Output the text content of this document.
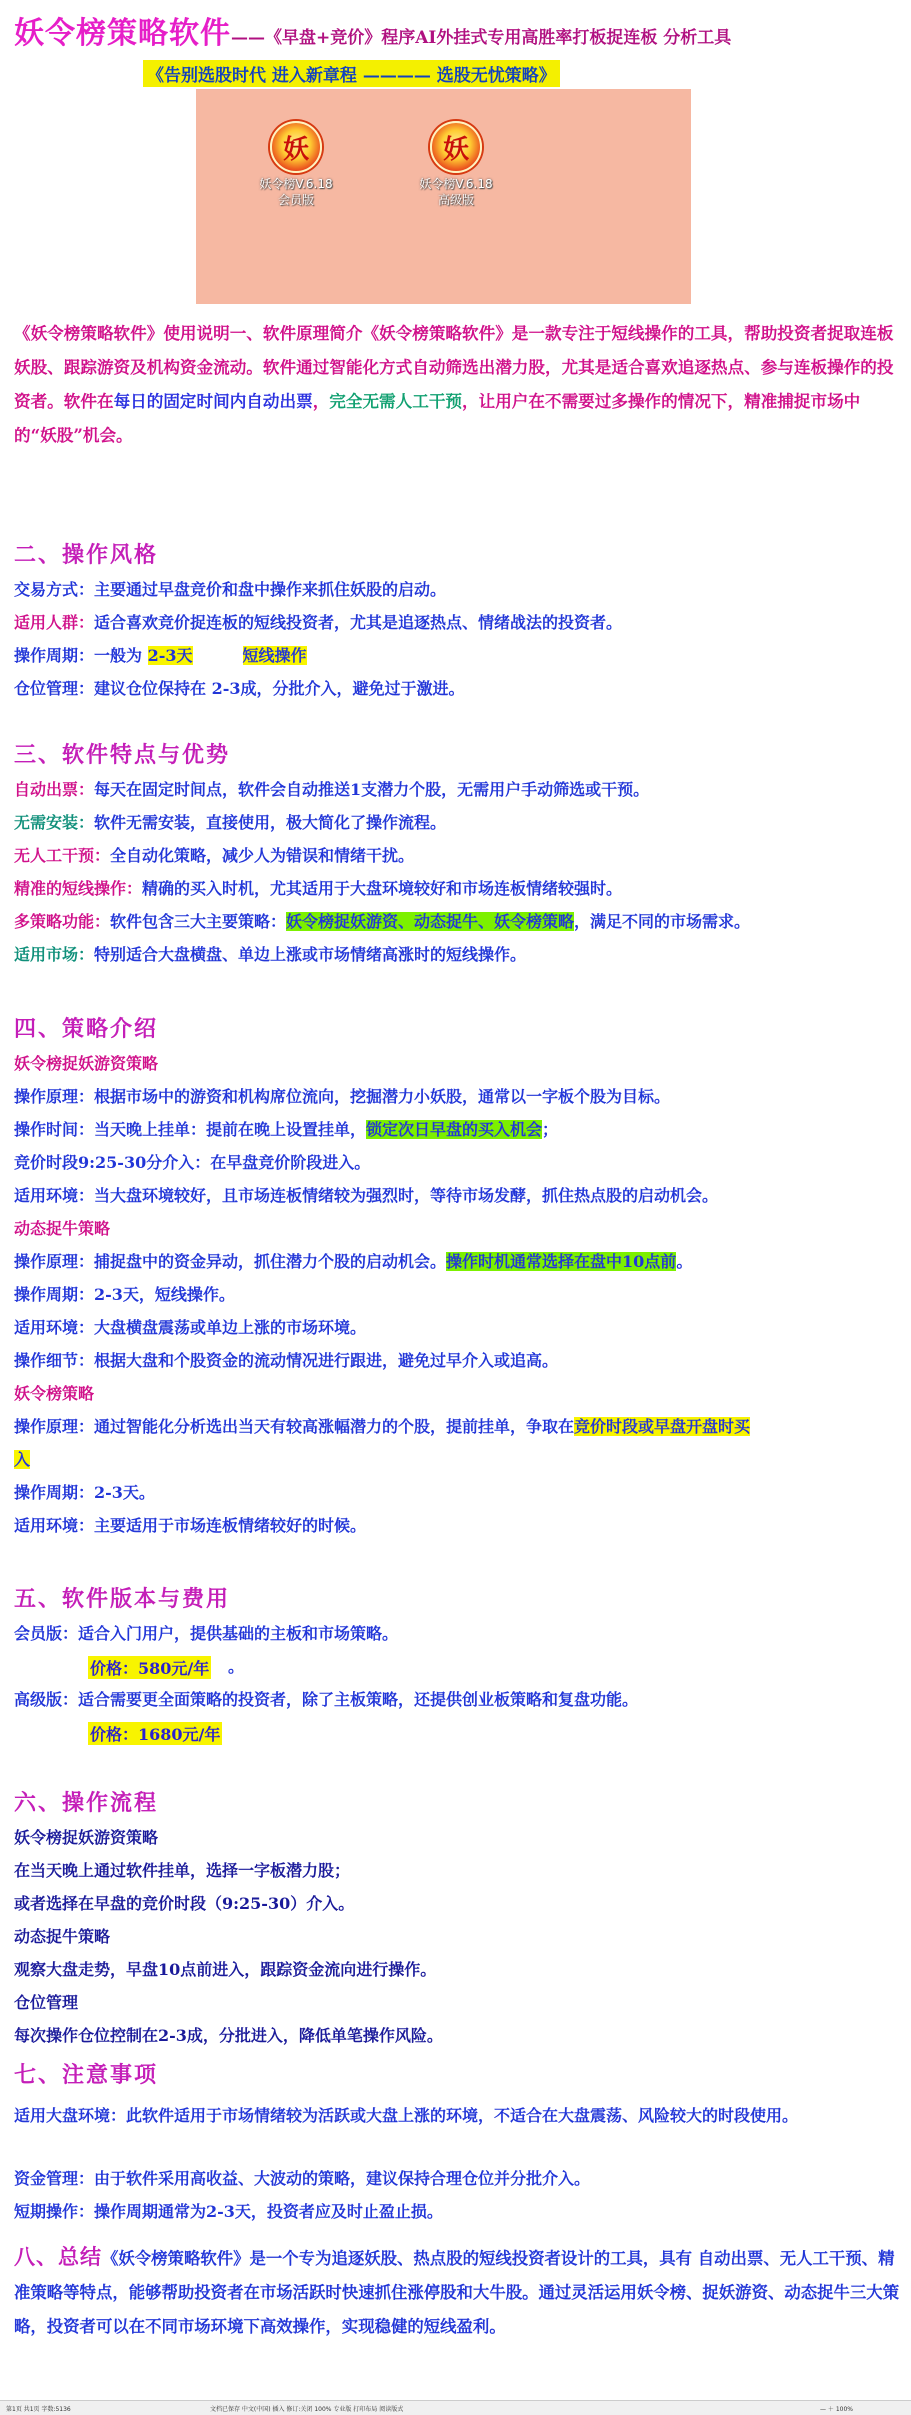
妖令榜策略软件——《早盘+竞价》程序AI外挂式专用高胜率打板捉连板 分析工具
《告别选股时代 进入新章程 ———— 选股无忧策略》
妖
妖令榜V.6.18
会员版
妖
妖令榜V.6.18
高级版
《妖令榜策略软件》使用说明一、软件原理简介《妖令榜策略软件》是一款专注于短线操作的工具，帮助投资者捉取连板妖股、跟踪游资及机构资金流动。软件通过智能化方式自动筛选出潜力股，尤其是适合喜欢追逐热点、参与连板操作的投资者。软件在每日的固定时间内自动出票，完全无需人工干预，让用户在不需要过多操作的情况下，精准捕捉市场中的“妖股”机会。
二、操作风格
交易方式：主要通过早盘竞价和盘中操作来抓住妖股的启动。
适用人群：适合喜欢竞价捉连板的短线投资者，尤其是追逐热点、情绪战法的投资者。
操作周期：一般为 2-3天	短线操作
仓位管理：建议仓位保持在 2-3成，分批介入，避免过于激进。
三、软件特点与优势
自动出票：每天在固定时间点，软件会自动推送1支潜力个股，无需用户手动筛选或干预。
无需安装：软件无需安装，直接使用，极大简化了操作流程。
无人工干预：全自动化策略，减少人为错误和情绪干扰。
精准的短线操作：精确的买入时机，尤其适用于大盘环境较好和市场连板情绪较强时。
多策略功能：软件包含三大主要策略：妖令榜捉妖游资、动态捉牛、妖令榜策略，满足不同的市场需求。
适用市场：特别适合大盘横盘、单边上涨或市场情绪高涨时的短线操作。
四、策略介绍
妖令榜捉妖游资策略
操作原理：根据市场中的游资和机构席位流向，挖掘潜力小妖股，通常以一字板个股为目标。
操作时间：当天晚上挂单：提前在晚上设置挂单，锁定次日早盘的买入机会；
竞价时段9:25-30分介入：在早盘竞价阶段进入。
适用环境：当大盘环境较好，且市场连板情绪较为强烈时，等待市场发酵，抓住热点股的启动机会。
动态捉牛策略
操作原理：捕捉盘中的资金异动，抓住潜力个股的启动机会。操作时机通常选择在盘中10点前。
操作周期：2-3天，短线操作。
适用环境：大盘横盘震荡或单边上涨的市场环境。
操作细节：根据大盘和个股资金的流动情况进行跟进，避免过早介入或追高。
妖令榜策略
操作原理：通过智能化分析选出当天有较高涨幅潜力的个股，提前挂单，争取在竞价时段或早盘开盘时买
入
操作周期：2-3天。
适用环境：主要适用于市场连板情绪较好的时候。
五、软件版本与费用
会员版：适合入门用户，提供基础的主板和市场策略。
价格：580元/年 。
高级版：适合需要更全面策略的投资者，除了主板策略，还提供创业板策略和复盘功能。
价格：1680元/年
六、操作流程
妖令榜捉妖游资策略
在当天晚上通过软件挂单，选择一字板潜力股；
或者选择在早盘的竞价时段（9:25-30）介入。
动态捉牛策略
观察大盘走势，早盘10点前进入，跟踪资金流向进行操作。
仓位管理
每次操作仓位控制在2-3成，分批进入，降低单笔操作风险。
七、注意事项
适用大盘环境：此软件适用于市场情绪较为活跃或大盘上涨的环境，不适合在大盘震荡、风险较大的时段使用。
资金管理：由于软件采用高收益、大波动的策略，建议保持合理仓位并分批介入。
短期操作：操作周期通常为2-3天，投资者应及时止盈止损。
八、总结《妖令榜策略软件》是一个专为追逐妖股、热点股的短线投资者设计的工具，具有 自动出票、无人工干预、精准策略等特点，能够帮助投资者在市场活跃时快速抓住涨停股和大牛股。通过灵活运用妖令榜、捉妖游资、动态捉牛三大策略，投资者可以在不同市场环境下高效操作，实现稳健的短线盈利。
第1页 共1页 字数:5136	文档已保存 中文(中国) 插入 修订:关闭 100% 专业版 打印布局 阅读版式	— ＋ 100%
